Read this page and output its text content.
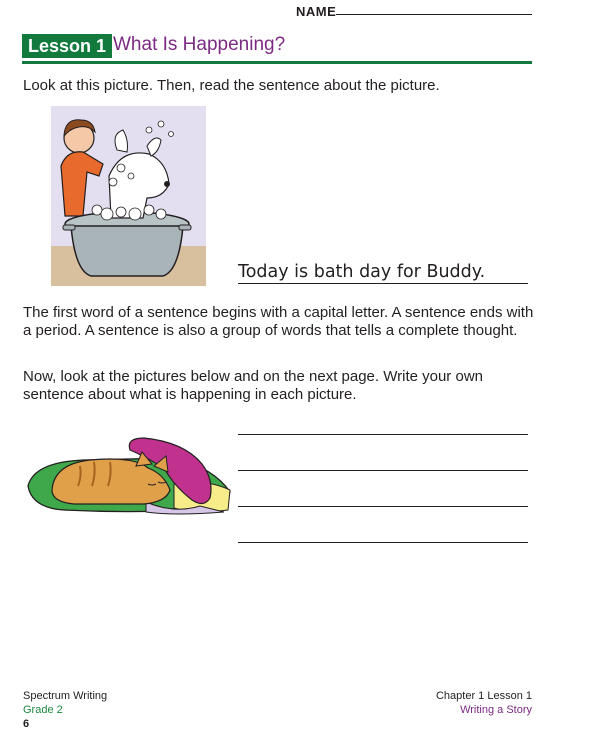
NAME
Lesson 1 What Is Happening?
Look at this picture. Then, read the sentence about the picture.
Today is bath day for Buddy.
The first word of a sentence begins with a capital letter. A sentence ends with a period. A sentence is also a group of words that tells a complete thought.
Now, look at the pictures below and on the next page. Write your own sentence about what is happening in each picture.
Spectrum Writing
Grade 2
6
Chapter 1 Lesson 1
Writing a Story
